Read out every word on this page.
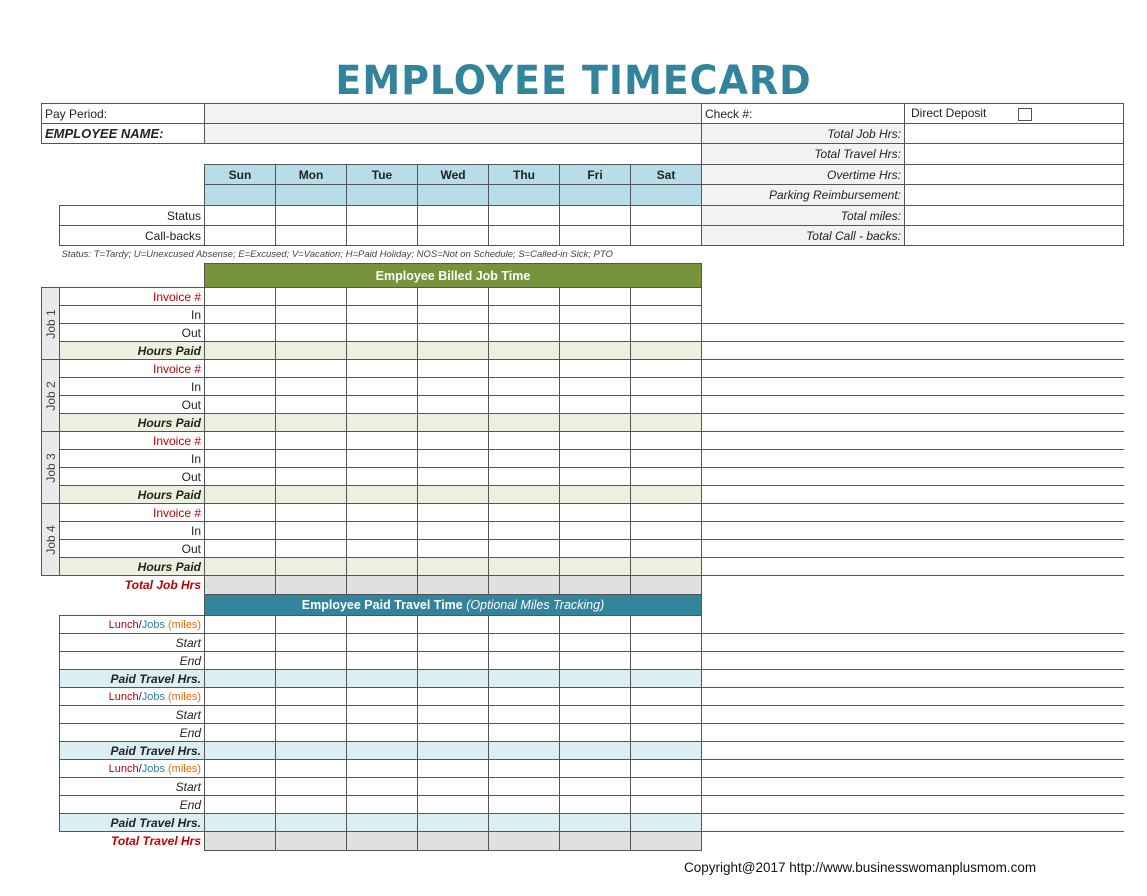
EMPLOYEE TIMECARD
Pay Period:									Check #:	Direct Deposit
EMPLOYEE NAME:									Total Job Hrs:	
									Total Travel Hrs:	
		Sun	Mon	Tue	Wed	Thu	Fri	Sat	Overtime Hrs:	
									Parking Reimbursement:	
	Status								Total miles:	
	Call-backs								Total Call - backs:	
Status: T=Tardy; U=Unexcused Absense; E=Excused; V=Vacation; H=Paid Holiday; NOS=Not on Schedule; S=Called-in Sick; PTO										
		Employee Billed Job Time								

Job 1	Invoice #									
	In									
	Out									
	Hours Paid									

Job 2	Invoice #									
	In									
	Out									
	Hours Paid									

Job 3	Invoice #									
	In									
	Out									
	Hours Paid									

Job 4	Invoice #									
	In									
	Out									
	Hours Paid									
	Total Job Hrs									
		Employee Paid Travel Time (Optional Miles Tracking)								
	Lunch/Jobs (miles)									
	Start									
	End									
	Paid Travel Hrs.									
	Lunch/Jobs (miles)									
	Start									
	End									
	Paid Travel Hrs.									
	Lunch/Jobs (miles)									
	Start									
	End									
	Paid Travel Hrs.									
	Total Travel Hrs									
Copyright@2017 http://www.businesswomanplusmom.com
